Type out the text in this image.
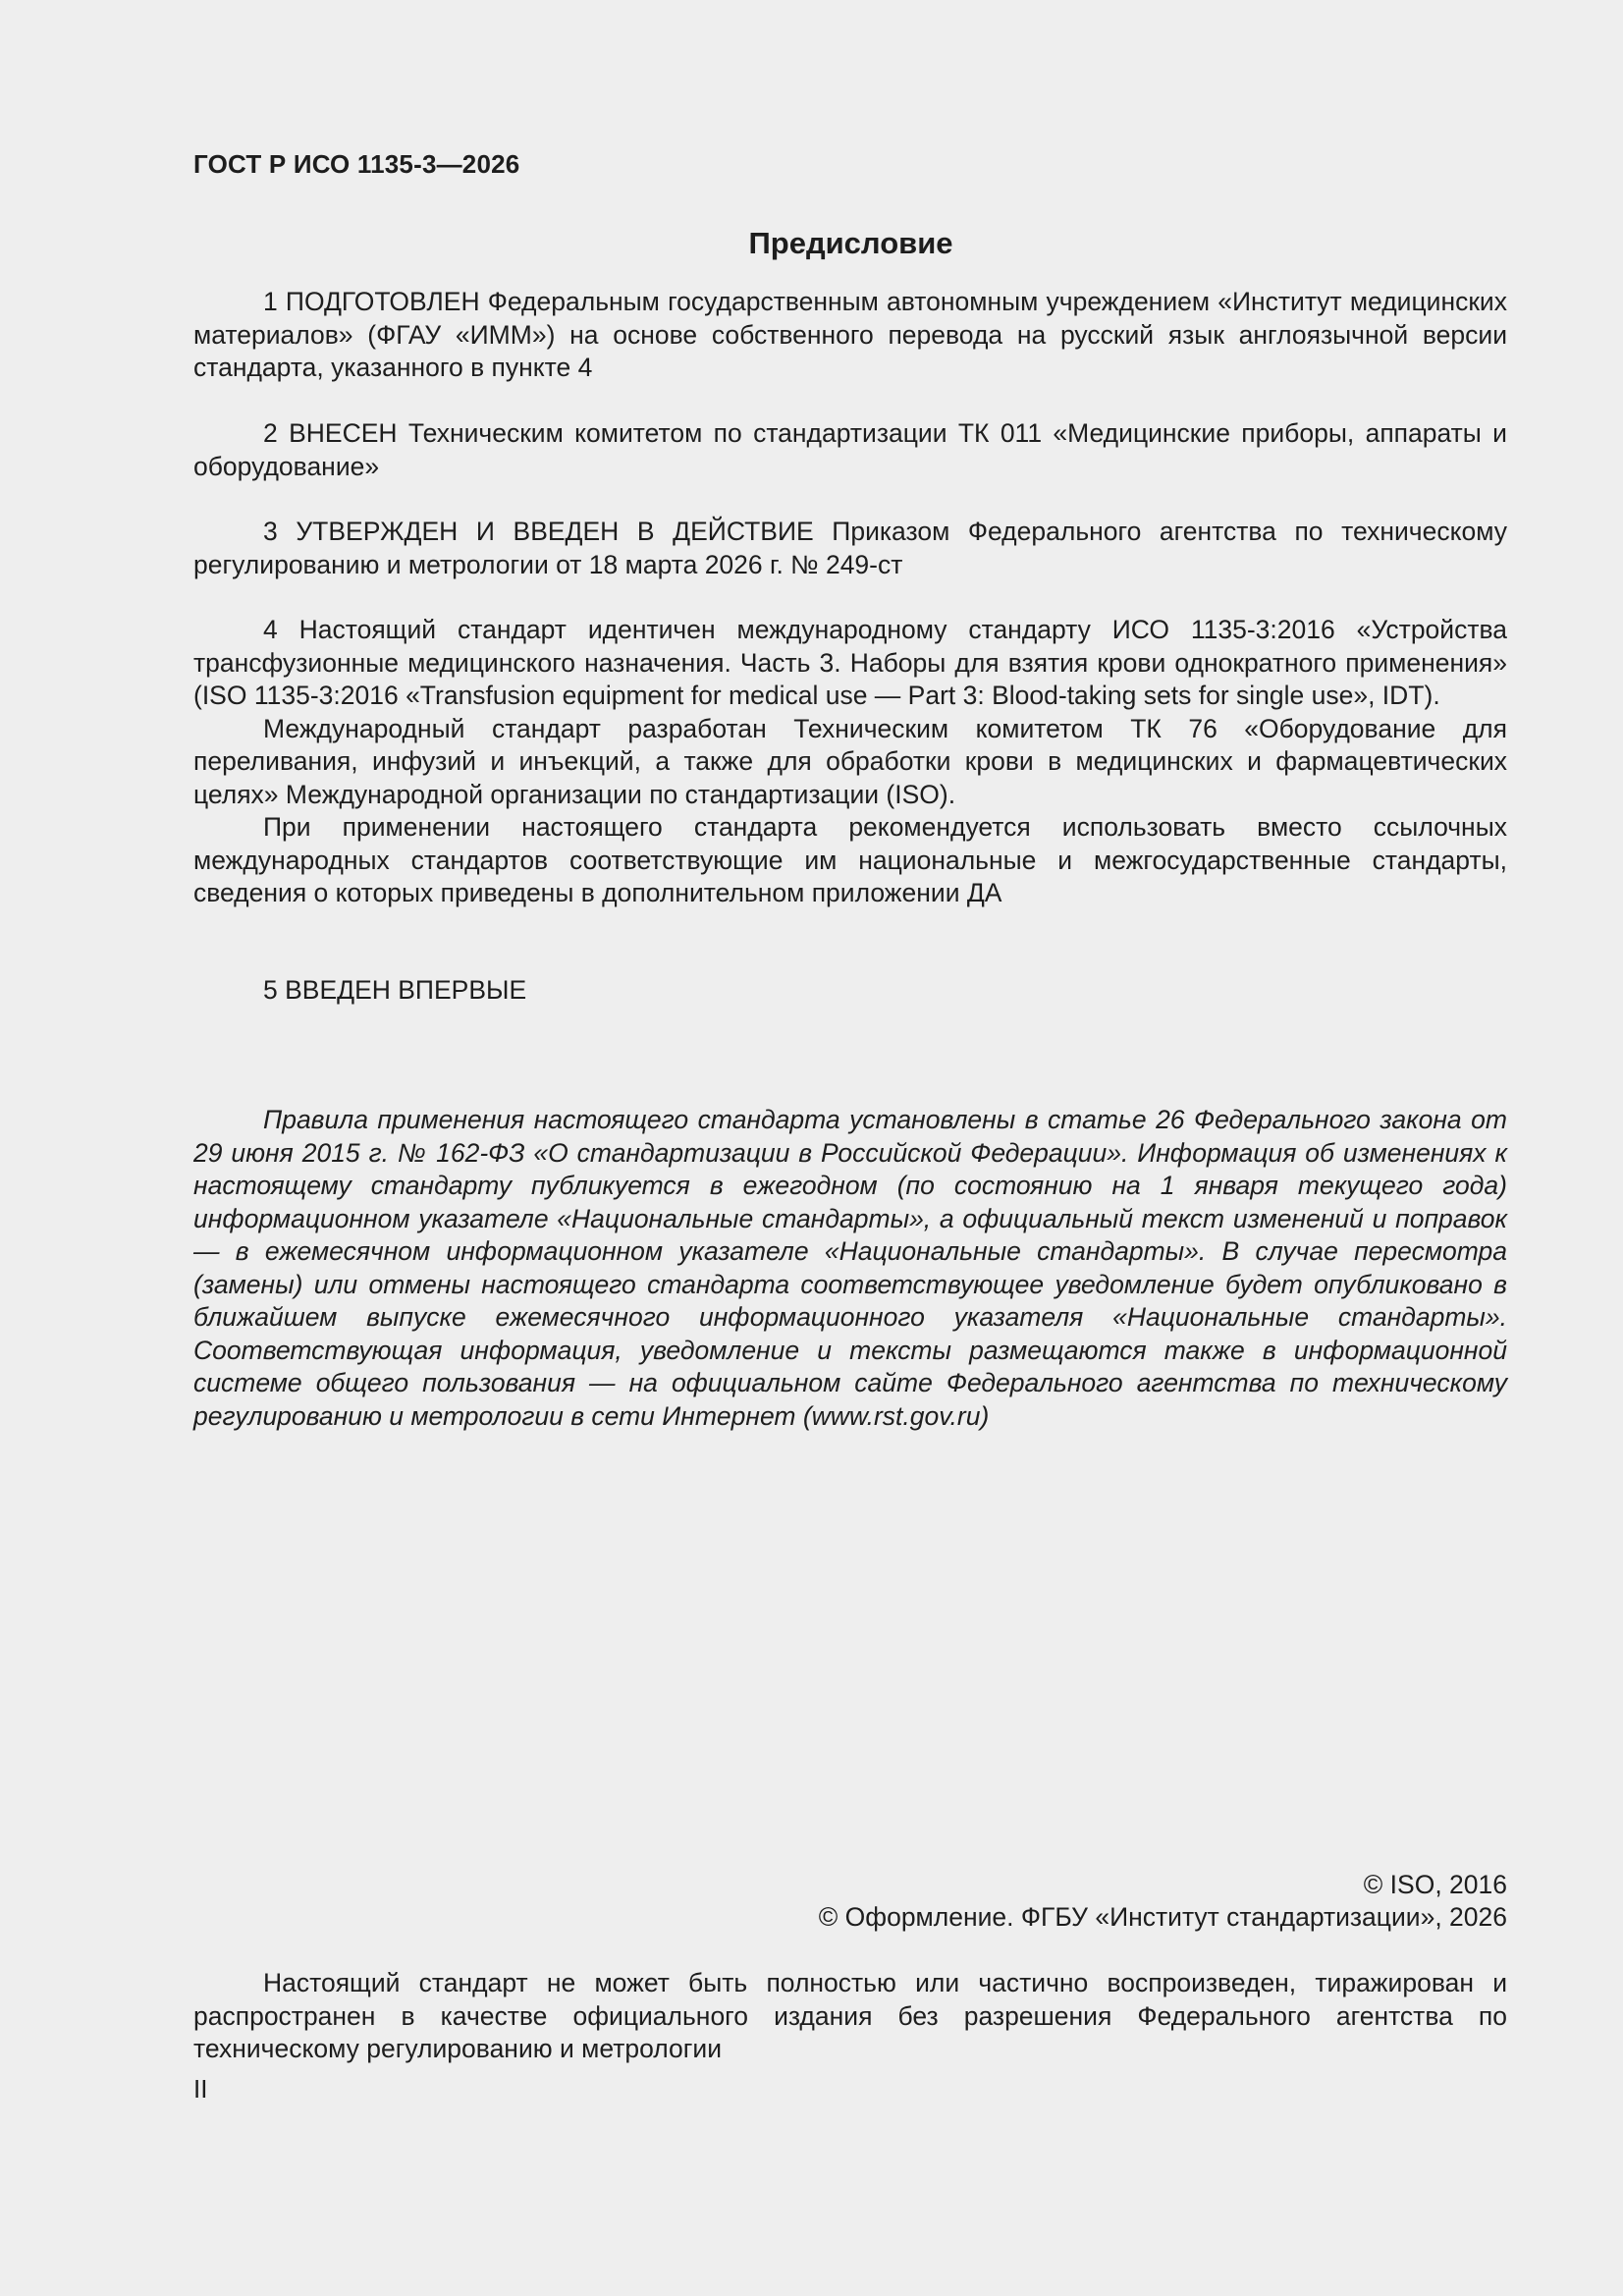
ГОСТ Р ИСО 1135-3—2026
Предисловие

1 ПОДГОТОВЛЕН Федеральным государственным автономным учреждением «Институт медицинских материалов» (ФГАУ «ИММ») на основе собственного перевода на русский язык англоязычной версии стандарта, указанного в пункте 4

2 ВНЕСЕН Техническим комитетом по стандартизации ТК 011 «Медицинские приборы, аппараты и оборудование»

3 УТВЕРЖДЕН И ВВЕДЕН В ДЕЙСТВИЕ Приказом Федерального агентства по техническому регулированию и метрологии от 18 марта 2026 г. № 249-ст

4 Настоящий стандарт идентичен международному стандарту ИСО 1135-3:2016 «Устройства трансфузионные медицинского назначения. Часть 3. Наборы для взятия крови однократного применения» (ISO 1135-3:2016 «Transfusion equipment for medical use — Part 3: Blood-taking sets for single use», IDT).

Международный стандарт разработан Техническим комитетом ТК 76 «Оборудование для переливания, инфузий и инъекций, а также для обработки крови в медицинских и фармацевтических целях» Международной организации по стандартизации (ISO).

При применении настоящего стандарта рекомендуется использовать вместо ссылочных международных стандартов соответствующие им национальные и межгосударственные стандарты, сведения о которых приведены в дополнительном приложении ДА

5 ВВЕДЕН ВПЕРВЫЕ

Правила применения настоящего стандарта установлены в статье 26 Федерального закона от 29 июня 2015 г. № 162-ФЗ «О стандартизации в Российской Федерации». Информация об изменениях к настоящему стандарту публикуется в ежегодном (по состоянию на 1 января текущего года) информационном указателе «Национальные стандарты», а официальный текст изменений и поправок — в ежемесячном информационном указателе «Национальные стандарты». В случае пересмотра (замены) или отмены настоящего стандарта соответствующее уведомление будет опубликовано в ближайшем выпуске ежемесячного информационного указателя «Национальные стандарты». Соответствующая информация, уведомление и тексты размещаются также в информационной системе общего пользования — на официальном сайте Федерального агентства по техническому регулированию и метрологии в сети Интернет (www.rst.gov.ru)

© ISO, 2016
© Оформление. ФГБУ «Институт стандартизации», 2026

Настоящий стандарт не может быть полностью или частично воспроизведен, тиражирован и распространен в качестве официального издания без разрешения Федерального агентства по техническому регулированию и метрологии

II
